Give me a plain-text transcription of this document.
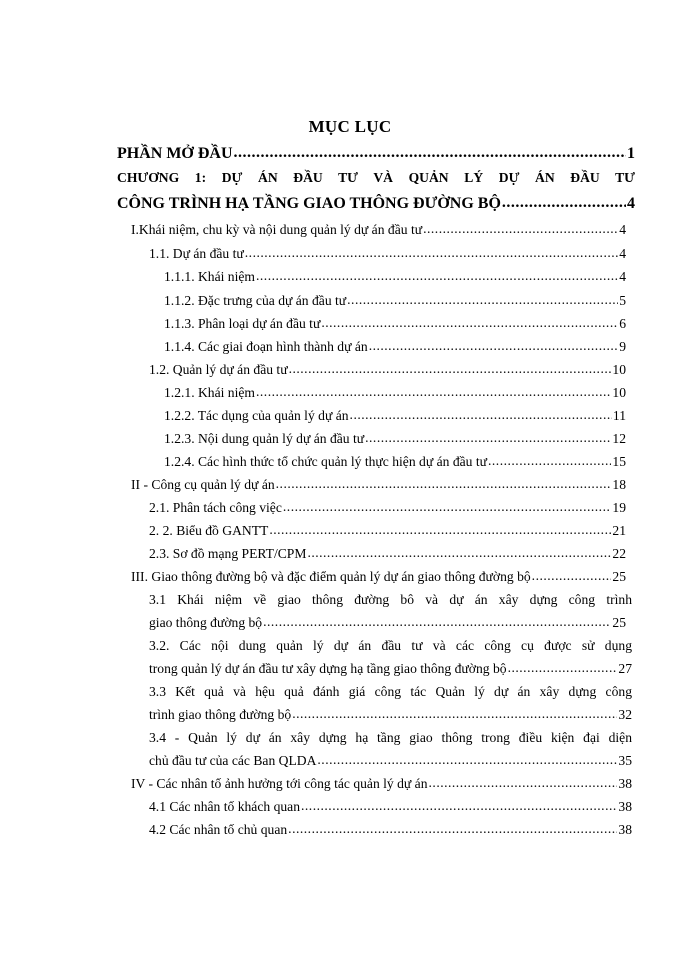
MỤC LỤC
PHẦN MỞ ĐẦU .....	1
CHƯƠNG 1: DỰ ÁN ĐẦU TƯ VÀ QUẢN LÝ DỰ ÁN ĐẦU TƯ
CÔNG TRÌNH HẠ TẦNG GIAO THÔNG ĐƯỜNG BỘ .....	4
I.Khái niệm, chu kỳ và nội dung quản lý dự án đầu tư .....	4
1.1. Dự án đầu tư .....	4
1.1.1. Khái niệm .....	4
1.1.2. Đặc trưng của dự án đầu tư .....	5
1.1.3. Phân loại dự án đầu tư .....	6
1.1.4. Các giai đoạn hình thành dự án .....	9
1.2. Quản lý dự án đầu tư .....	10
1.2.1. Khái niệm .....	10
1.2.2. Tác dụng của quản lý dự án .....	11
1.2.3. Nội dung quản lý dự án đầu tư .....	12
1.2.4. Các hình thức tổ chức quản lý thực hiện dự án đầu tư .....	15
II - Công cụ quản lý dự án .....	18
2.1. Phân tách công việc .....	19
2. 2. Biểu đồ GANTT .....	21
2.3. Sơ đồ mạng PERT/CPM .....	22
III. Giao thông đường bộ và đặc điểm quản lý dự án giao thông đường bộ .....	25
3.1 Khái niệm về giao thông đường bô và dự án xây dựng công trình
giao thông đường bộ .....	25
3.2. Các nội dung quản lý dự án đầu tư và các công cụ được sử dụng
trong quản lý dự án đầu tư xây dựng hạ tầng giao thông đường bộ .....	27
3.3 Kết quả và hệu quả đánh giá công tác Quản lý dự án xây dựng công
trình giao thông đường bộ .....	32
3.4 - Quản lý dự án xây dựng hạ tầng giao thông trong điều kiện đại diện
chủ đầu tư của các Ban QLDA .....	35
IV - Các nhân tố ảnh hưởng tới công tác quản lý dự án .....	38
4.1 Các nhân tố khách quan .....	38
4.2 Các nhân tố chủ quan .....	38
